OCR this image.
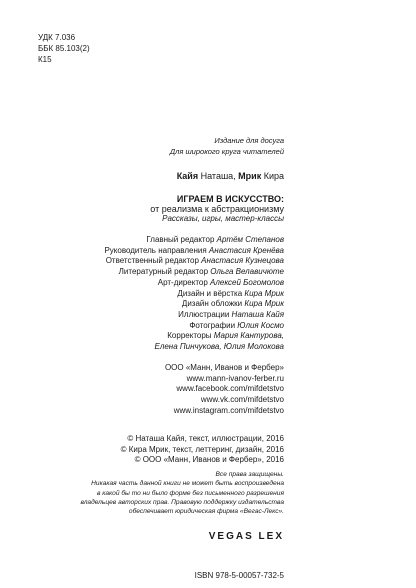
УДК 7.036
ББК 85.103(2)
К15
Издание для досуга
Для широкого круга читателей
Кайя Наташа, Мрик Кира
ИГРАЕМ В ИСКУССТВО:
от реализма к абстракционизму
Рассказы, игры, мастер-классы
Главный редактор Артём Степанов
Руководитель направления Анастасия Кренёва
Ответственный редактор Анастасия Кузнецова
Литературный редактор Ольга Велавичюте
Арт-директор Алексей Богомолов
Дизайн и вёрстка Кира Мрик
Дизайн обложки Кира Мрик
Иллюстрации Наташа Кайя
Фотографии Юлия Космо
Корректоры Мария Кантурова,
Елена Пинчукова, Юлия Молокова
ООО «Манн, Иванов и Фербер»
www.mann-ivanov-ferber.ru
www.facebook.com/mifdetstvo
www.vk.com/mifdetstvo
www.instagram.com/mifdetstvo
© Наташа Кайя, текст, иллюстрации, 2016
© Кира Мрик, текст, леттеринг, дизайн, 2016
© ООО «Манн, Иванов и Фербер», 2016
Все права защищены.
Никакая часть данной книги не может быть воспроизведена
в какой бы то ни было форме без письменного разрешения
владельцев авторских прав. Правовую поддержку издательства
обеспечивает юридическая фирма «Вегас-Лекс».
VEGAS LEX
ISBN 978-5-00057-732-5
